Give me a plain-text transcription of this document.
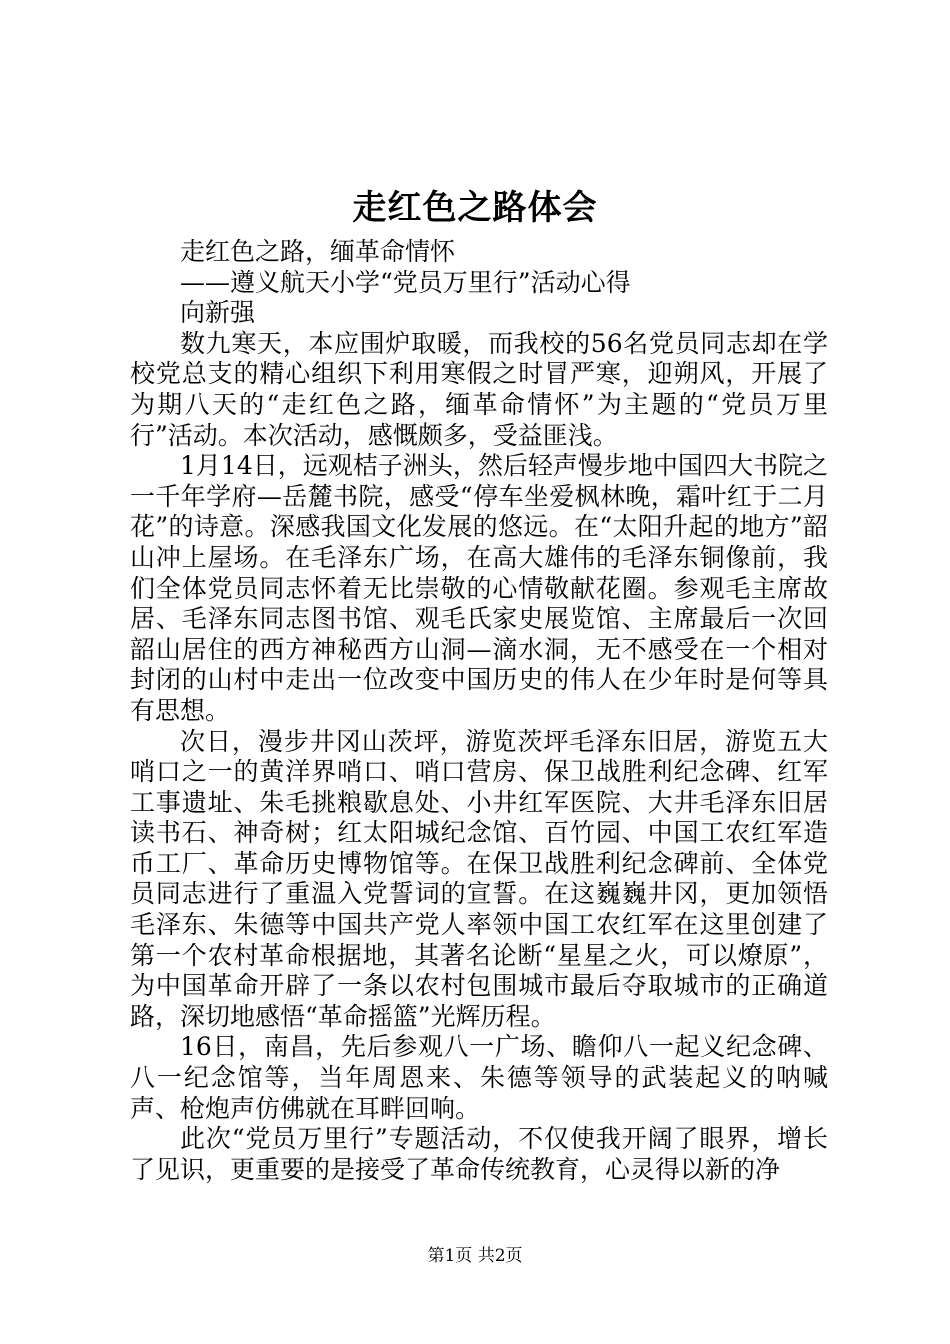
走红色之路体会

走红色之路，缅革命情怀

——遵义航天小学“党员万里行”活动心得

向新强

数九寒天，本应围炉取暖，而我校的56名党员同志却在学校党总支的精心组织下利用寒假之时冒严寒，迎朔风，开展了为期八天的“走红色之路，缅革命情怀”为主题的“党员万里行”活动。本次活动，感慨颇多，受益匪浅。

1月14日，远观桔子洲头，然后轻声慢步地中国四大书院之一千年学府—岳麓书院，感受“停车坐爱枫林晚，霜叶红于二月花”的诗意。深感我国文化发展的悠远。在“太阳升起的地方”韶山冲上屋场。在毛泽东广场，在高大雄伟的毛泽东铜像前，我们全体党员同志怀着无比崇敬的心情敬献花圈。参观毛主席故居、毛泽东同志图书馆、观毛氏家史展览馆、主席最后一次回韶山居住的西方神秘西方山洞—滴水洞，无不感受在一个相对封闭的山村中走出一位改变中国历史的伟人在少年时是何等具有思想。

次日，漫步井冈山茨坪，游览茨坪毛泽东旧居，游览五大哨口之一的黄洋界哨口、哨口营房、保卫战胜利纪念碑、红军工事遗址、朱毛挑粮歇息处、小井红军医院、大井毛泽东旧居读书石、神奇树；红太阳城纪念馆、百竹园、中国工农红军造币工厂、革命历史博物馆等。在保卫战胜利纪念碑前、全体党员同志进行了重温入党誓词的宣誓。在这巍巍井冈，更加领悟毛泽东、朱德等中国共产党人率领中国工农红军在这里创建了第一个农村革命根据地，其著名论断“星星之火，可以燎原”，为中国革命开辟了一条以农村包围城市最后夺取城市的正确道路，深切地感悟“革命摇篮”光辉历程。

16日，南昌，先后参观八一广场、瞻仰八一起义纪念碑、八一纪念馆等，当年周恩来、朱德等领导的武装起义的呐喊声、枪炮声仿佛就在耳畔回响。

此次“党员万里行”专题活动，不仅使我开阔了眼界，增长了见识，更重要的是接受了革命传统教育，心灵得以新的净

第1页 共2页
